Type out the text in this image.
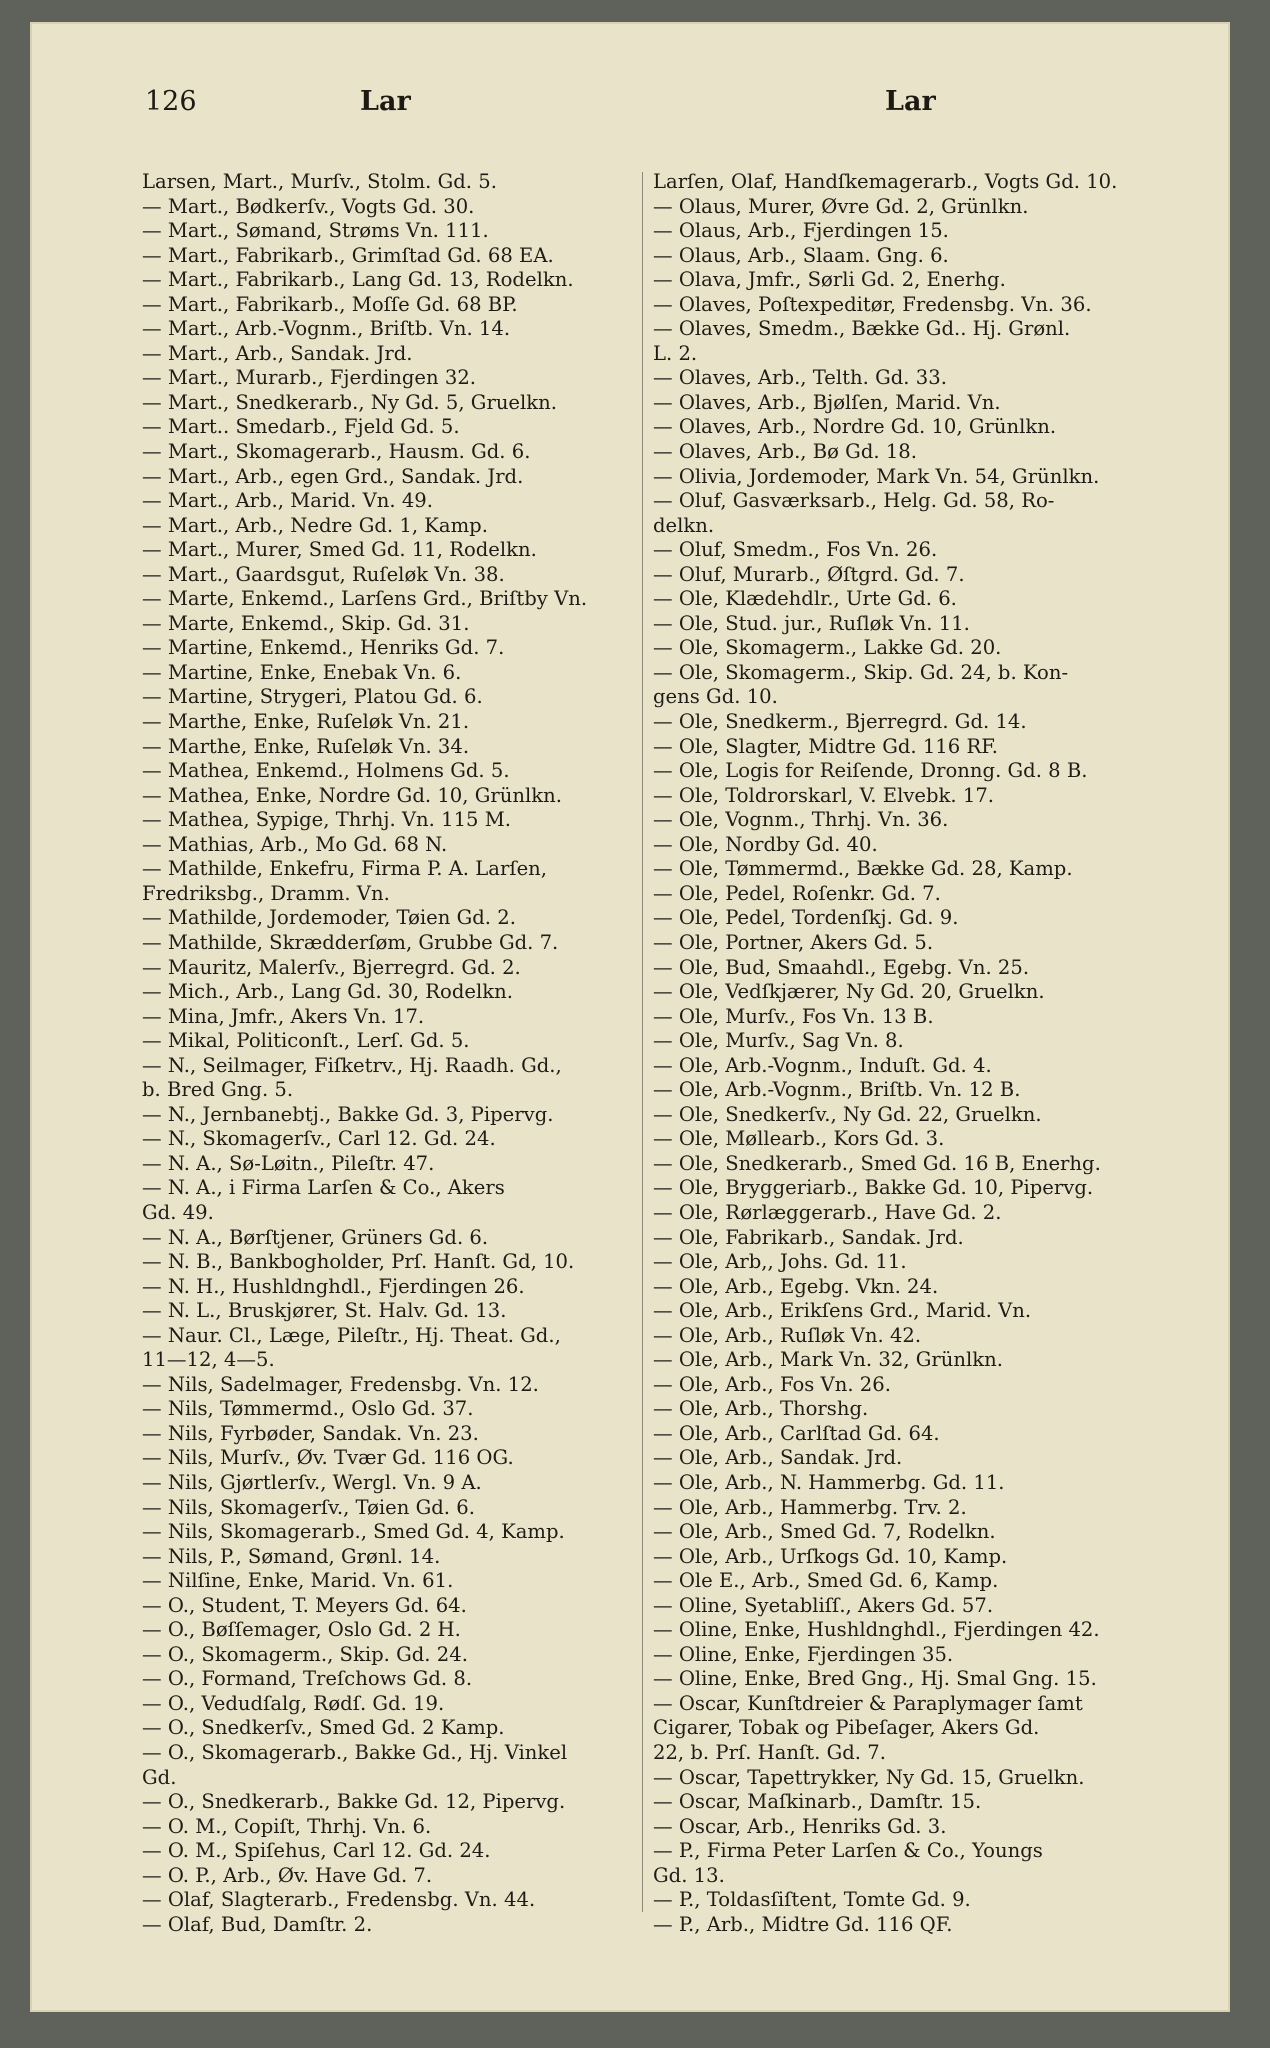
126	Lar	Lar
Larsen, Mart., Murſv., Stolm. Gd. 5.
— Mart., Bødkerſv., Vogts Gd. 30.
— Mart., Sømand, Strøms Vn. 111.
— Mart., Fabrikarb., Grimſtad Gd. 68 EA.
— Mart., Fabrikarb., Lang Gd. 13, Rodelkn.
— Mart., Fabrikarb., Moſſe Gd. 68 BP.
— Mart., Arb.-Vognm., Briſtb. Vn. 14.
— Mart., Arb., Sandak. Jrd.
— Mart., Murarb., Fjerdingen 32.
— Mart., Snedkerarb., Ny Gd. 5, Gruelkn.
— Mart.. Smedarb., Fjeld Gd. 5.
— Mart., Skomagerarb., Hausm. Gd. 6.
— Mart., Arb., egen Grd., Sandak. Jrd.
— Mart., Arb., Marid. Vn. 49.
— Mart., Arb., Nedre Gd. 1, Kamp.
— Mart., Murer, Smed Gd. 11, Rodelkn.
— Mart., Gaardsgut, Ruſeløk Vn. 38.
— Marte, Enkemd., Larſens Grd., Briſtby Vn.
— Marte, Enkemd., Skip. Gd. 31.
— Martine, Enkemd., Henriks Gd. 7.
— Martine, Enke, Enebak Vn. 6.
— Martine, Strygeri, Platou Gd. 6.
— Marthe, Enke, Ruſeløk Vn. 21.
— Marthe, Enke, Ruſeløk Vn. 34.
— Mathea, Enkemd., Holmens Gd. 5.
— Mathea, Enke, Nordre Gd. 10, Grünlkn.
— Mathea, Sypige, Thrhj. Vn. 115 M.
— Mathias, Arb., Mo Gd. 68 N.
— Mathilde, Enkefru, Firma P. A. Larſen,
Fredriksbg., Dramm. Vn.
— Mathilde, Jordemoder, Tøien Gd. 2.
— Mathilde, Skrædderſøm, Grubbe Gd. 7.
— Mauritz, Malerſv., Bjerregrd. Gd. 2.
— Mich., Arb., Lang Gd. 30, Rodelkn.
— Mina, Jmfr., Akers Vn. 17.
— Mikal, Politiconſt., Lerſ. Gd. 5.
— N., Seilmager, Fiſketrv., Hj. Raadh. Gd.,
b. Bred Gng. 5.
— N., Jernbanebtj., Bakke Gd. 3, Pipervg.
— N., Skomagerſv., Carl 12. Gd. 24.
— N. A., Sø-Løitn., Pileſtr. 47.
— N. A., i Firma Larſen & Co., Akers
Gd. 49.
— N. A., Børſtjener, Grüners Gd. 6.
— N. B., Bankbogholder, Prſ. Hanſt. Gd, 10.
— N. H., Hushldnghdl., Fjerdingen 26.
— N. L., Bruskjører, St. Halv. Gd. 13.
— Naur. Cl., Læge, Pileſtr., Hj. Theat. Gd.,
11—12, 4—5.
— Nils, Sadelmager, Fredensbg. Vn. 12.
— Nils, Tømmermd., Oslo Gd. 37.
— Nils, Fyrbøder, Sandak. Vn. 23.
— Nils, Murſv., Øv. Tvær Gd. 116 OG.
— Nils, Gjørtlerſv., Wergl. Vn. 9 A.
— Nils, Skomagerſv., Tøien Gd. 6.
— Nils, Skomagerarb., Smed Gd. 4, Kamp.
— Nils, P., Sømand, Grønl. 14.
— Nilſine, Enke, Marid. Vn. 61.
— O., Student, T. Meyers Gd. 64.
— O., Bøſſemager, Oslo Gd. 2 H.
— O., Skomagerm., Skip. Gd. 24.
— O., Formand, Treſchows Gd. 8.
— O., Vedudſalg, Rødſ. Gd. 19.
— O., Snedkerſv., Smed Gd. 2 Kamp.
— O., Skomagerarb., Bakke Gd., Hj. Vinkel
Gd.
— O., Snedkerarb., Bakke Gd. 12, Pipervg.
— O. M., Copiſt, Thrhj. Vn. 6.
— O. M., Spiſehus, Carl 12. Gd. 24.
— O. P., Arb., Øv. Have Gd. 7.
— Olaf, Slagterarb., Fredensbg. Vn. 44.
— Olaf, Bud, Damſtr. 2.
Larſen, Olaf, Handſkemagerarb., Vogts Gd. 10.
— Olaus, Murer, Øvre Gd. 2, Grünlkn.
— Olaus, Arb., Fjerdingen 15.
— Olaus, Arb., Slaam. Gng. 6.
— Olava, Jmfr., Sørli Gd. 2, Enerhg.
— Olaves, Poſtexpeditør, Fredensbg. Vn. 36.
— Olaves, Smedm., Bække Gd.. Hj. Grønl.
L. 2.
— Olaves, Arb., Telth. Gd. 33.
— Olaves, Arb., Bjølſen, Marid. Vn.
— Olaves, Arb., Nordre Gd. 10, Grünlkn.
— Olaves, Arb., Bø Gd. 18.
— Olivia, Jordemoder, Mark Vn. 54, Grünlkn.
— Oluf, Gasværksarb., Helg. Gd. 58, Ro-
delkn.
— Oluf, Smedm., Fos Vn. 26.
— Oluf, Murarb., Øſtgrd. Gd. 7.
— Ole, Klædehdlr., Urte Gd. 6.
— Ole, Stud. jur., Ruſløk Vn. 11.
— Ole, Skomagerm., Lakke Gd. 20.
— Ole, Skomagerm., Skip. Gd. 24, b. Kon-
gens Gd. 10.
— Ole, Snedkerm., Bjerregrd. Gd. 14.
— Ole, Slagter, Midtre Gd. 116 RF.
— Ole, Logis for Reiſende, Dronng. Gd. 8 B.
— Ole, Toldrorskarl, V. Elvebk. 17.
— Ole, Vognm., Thrhj. Vn. 36.
— Ole, Nordby Gd. 40.
— Ole, Tømmermd., Bække Gd. 28, Kamp.
— Ole, Pedel, Roſenkr. Gd. 7.
— Ole, Pedel, Tordenſkj. Gd. 9.
— Ole, Portner, Akers Gd. 5.
— Ole, Bud, Smaahdl., Egebg. Vn. 25.
— Ole, Vedſkjærer, Ny Gd. 20, Gruelkn.
— Ole, Murſv., Fos Vn. 13 B.
— Ole, Murſv., Sag Vn. 8.
— Ole, Arb.-Vognm., Induſt. Gd. 4.
— Ole, Arb.-Vognm., Briſtb. Vn. 12 B.
— Ole, Snedkerſv., Ny Gd. 22, Gruelkn.
— Ole, Møllearb., Kors Gd. 3.
— Ole, Snedkerarb., Smed Gd. 16 B, Enerhg.
— Ole, Bryggeriarb., Bakke Gd. 10, Pipervg.
— Ole, Rørlæggerarb., Have Gd. 2.
— Ole, Fabrikarb., Sandak. Jrd.
— Ole, Arb,, Johs. Gd. 11.
— Ole, Arb., Egebg. Vkn. 24.
— Ole, Arb., Erikſens Grd., Marid. Vn.
— Ole, Arb., Ruſløk Vn. 42.
— Ole, Arb., Mark Vn. 32, Grünlkn.
— Ole, Arb., Fos Vn. 26.
— Ole, Arb., Thorshg.
— Ole, Arb., Carlſtad Gd. 64.
— Ole, Arb., Sandak. Jrd.
— Ole, Arb., N. Hammerbg. Gd. 11.
— Ole, Arb., Hammerbg. Trv. 2.
— Ole, Arb., Smed Gd. 7, Rodelkn.
— Ole, Arb., Urſkogs Gd. 10, Kamp.
— Ole E., Arb., Smed Gd. 6, Kamp.
— Oline, Syetabliſſ., Akers Gd. 57.
— Oline, Enke, Hushldnghdl., Fjerdingen 42.
— Oline, Enke, Fjerdingen 35.
— Oline, Enke, Bred Gng., Hj. Smal Gng. 15.
— Oscar, Kunſtdreier & Paraplymager ſamt
Cigarer, Tobak og Pibeſager, Akers Gd.
22, b. Prſ. Hanſt. Gd. 7.
— Oscar, Tapettrykker, Ny Gd. 15, Gruelkn.
— Oscar, Maſkinarb., Damſtr. 15.
— Oscar, Arb., Henriks Gd. 3.
— P., Firma Peter Larſen & Co., Youngs
Gd. 13.
— P., Toldasſiſtent, Tomte Gd. 9.
— P., Arb., Midtre Gd. 116 QF.
